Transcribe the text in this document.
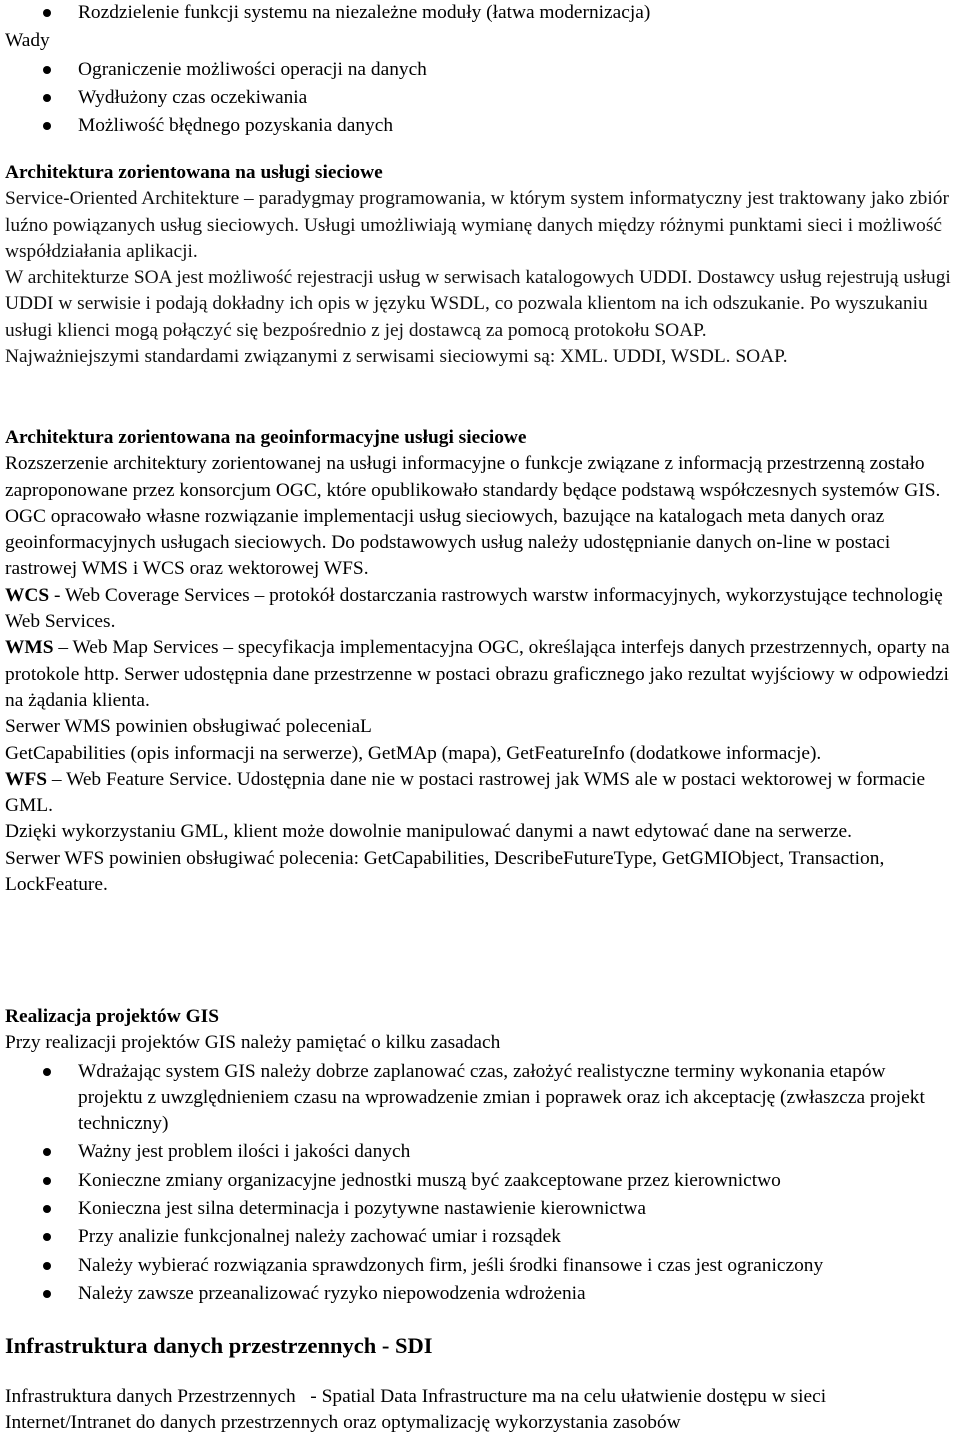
Rozdzielenie funkcji systemu na niezależne moduły (łatwa modernizacja)

Wady

Ograniczenie możliwości operacji na danych
Wydłużony czas oczekiwania
Możliwość błędnego pozyskania danych

Architektura zorientowana na usługi sieciowe

Service-Oriented Architekture – paradygmay programowania, w którym system informatyczny jest traktowany jako zbiór luźno powiązanych usług sieciowych. Usługi umożliwiają wymianę danych między różnymi punktami sieci i możliwość współdziałania aplikacji.

W architekturze SOA jest możliwość rejestracji usług w serwisach katalogowych UDDI. Dostawcy usług rejestrują usługi UDDI w serwisie i podają dokładny ich opis w języku WSDL, co pozwala klientom na ich odszukanie. Po wyszukaniu usługi klienci mogą połączyć się bezpośrednio z jej dostawcą za pomocą protokołu SOAP.

Najważniejszymi standardami związanymi z serwisami sieciowymi są: XML. UDDI, WSDL. SOAP.

Architektura zorientowana na geoinformacyjne usługi sieciowe

Rozszerzenie architektury zorientowanej na usługi informacyjne o funkcje związane z informacją przestrzenną zostało zaproponowane przez konsorcjum OGC, które opublikowało standardy będące podstawą współczesnych systemów GIS.

OGC opracowało własne rozwiązanie implementacji usług sieciowych, bazujące na katalogach meta danych oraz geoinformacyjnych usługach sieciowych. Do podstawowych usług należy udostępnianie danych on-line w postaci rastrowej WMS i WCS oraz wektorowej WFS.

WCS - Web Coverage Services – protokół dostarczania rastrowych warstw informacyjnych, wykorzystujące technologię Web Services.

WMS – Web Map Services – specyfikacja implementacyjna OGC, określająca interfejs danych przestrzennych, oparty na protokole http. Serwer udostępnia dane przestrzenne w postaci obrazu graficznego jako rezultat wyjściowy w odpowiedzi na żądania klienta.

Serwer WMS powinien obsługiwać poleceniaL

GetCapabilities (opis informacji na serwerze), GetMAp (mapa), GetFeatureInfo (dodatkowe informacje).

WFS – Web Feature Service. Udostępnia dane nie w postaci rastrowej jak WMS ale w postaci wektorowej w formacie GML.

Dzięki wykorzystaniu GML, klient może dowolnie manipulować danymi a nawt edytować dane na serwerze.

Serwer WFS powinien obsługiwać polecenia: GetCapabilities, DescribeFutureType, GetGMIObject, Transaction, LockFeature.

Realizacja projektów GIS

Przy realizacji projektów GIS należy pamiętać o kilku zasadach

Wdrażając system GIS należy dobrze zaplanować czas, założyć realistyczne terminy wykonania etapów projektu z uwzględnieniem czasu na wprowadzenie zmian i poprawek oraz ich akceptację (zwłaszcza projekt techniczny)
Ważny jest problem ilości i jakości danych
Konieczne zmiany organizacyjne jednostki muszą być zaakceptowane przez kierownictwo
Konieczna jest silna determinacja i pozytywne nastawienie kierownictwa
Przy analizie funkcjonalnej należy zachować umiar i rozsądek
Należy wybierać rozwiązania sprawdzonych firm, jeśli środki finansowe i czas jest ograniczony
Należy zawsze przeanalizować ryzyko niepowodzenia wdrożenia

Infrastruktura danych przestrzennych - SDI

Infrastruktura danych Przestrzennych   - Spatial Data Infrastructure ma na celu ułatwienie dostępu w sieci Internet/Intranet do danych przestrzennych oraz optymalizację wykorzystania zasobów
